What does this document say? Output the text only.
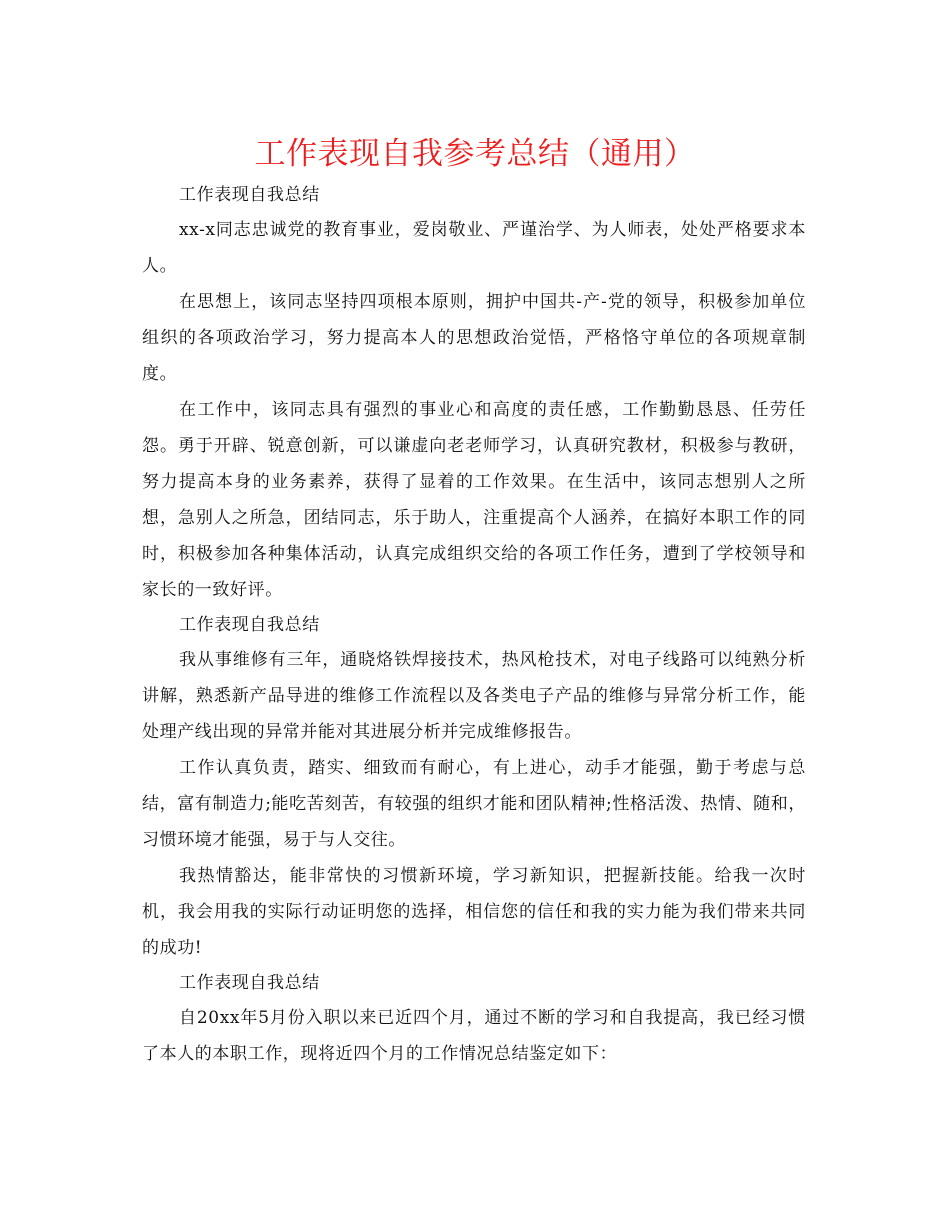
工作表现自我参考总结（通用）

工作表现自我总结

xx-x同志忠诚党的教育事业，爱岗敬业、严谨治学、为人师表，处处严格要求本人。

在思想上，该同志坚持四项根本原则，拥护中国共-产-党的领导，积极参加单位组织的各项政治学习，努力提高本人的思想政治觉悟，严格恪守单位的各项规章制度。

在工作中，该同志具有强烈的事业心和高度的责任感，工作勤勤恳恳、任劳任怨。勇于开辟、锐意创新，可以谦虚向老老师学习，认真研究教材，积极参与教研，努力提高本身的业务素养，获得了显着的工作效果。在生活中，该同志想别人之所想，急别人之所急，团结同志，乐于助人，注重提高个人涵养，在搞好本职工作的同时，积极参加各种集体活动，认真完成组织交给的各项工作任务，遭到了学校领导和家长的一致好评。

工作表现自我总结

我从事维修有三年，通晓烙铁焊接技术，热风枪技术，对电子线路可以纯熟分析讲解，熟悉新产品导进的维修工作流程以及各类电子产品的维修与异常分析工作，能处理产线出现的异常并能对其进展分析并完成维修报告。

工作认真负责，踏实、细致而有耐心，有上进心，动手才能强，勤于考虑与总结，富有制造力;能吃苦刻苦，有较强的组织才能和团队精神;性格活泼、热情、随和，习惯环境才能强，易于与人交往。

我热情豁达，能非常快的习惯新环境，学习新知识，把握新技能。给我一次时机，我会用我的实际行动证明您的选择，相信您的信任和我的实力能为我们带来共同的成功!

工作表现自我总结

自20xx年5月份入职以来已近四个月，通过不断的学习和自我提高，我已经习惯了本人的本职工作，现将近四个月的工作情况总结鉴定如下：
